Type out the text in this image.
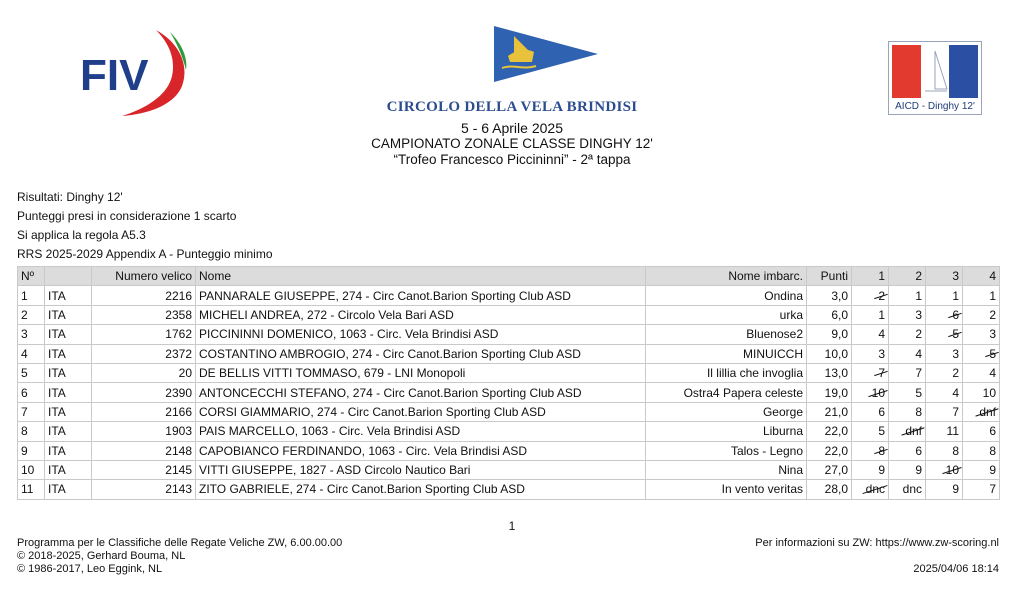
FIV
AICD - Dinghy 12'
CIRCOLO DELLA VELA BRINDISI
5 - 6 Aprile 2025
CAMPIONATO ZONALE CLASSE DINGHY 12'
“Trofeo Francesco Piccininni” - 2ª tappa
Risultati: Dinghy 12'
Punteggi presi in considerazione 1 scarto
Si applica la regola A5.3
RRS 2025-2029 Appendix A - Punteggio minimo
Nº		Numero velico	Nome	Nome imbarc.	Punti	1	2	3	4
1	ITA	2216	PANNARALE GIUSEPPE, 274 - Circ Canot.Barion Sporting Club ASD	Ondina	3,0	2	1	1	1
2	ITA	2358	MICHELI ANDREA, 272 - Circolo Vela Bari ASD	urka	6,0	1	3	6	2
3	ITA	1762	PICCININNI DOMENICO, 1063 - Circ. Vela Brindisi ASD	Bluenose2	9,0	4	2	5	3
4	ITA	2372	COSTANTINO AMBROGIO, 274 - Circ Canot.Barion Sporting Club ASD	MINUICCH	10,0	3	4	3	5
5	ITA	20	DE BELLIS VITTI TOMMASO, 679 - LNI Monopoli	Il lillia che invoglia	13,0	7	7	2	4
6	ITA	2390	ANTONCECCHI STEFANO, 274 - Circ Canot.Barion Sporting Club ASD	Ostra4 Papera celeste	19,0	10	5	4	10
7	ITA	2166	CORSI GIAMMARIO, 274 - Circ Canot.Barion Sporting Club ASD	George	21,0	6	8	7	dnf
8	ITA	1903	PAIS MARCELLO, 1063 - Circ. Vela Brindisi ASD	Liburna	22,0	5	dnf	11	6
9	ITA	2148	CAPOBIANCO FERDINANDO, 1063 - Circ. Vela Brindisi ASD	Talos - Legno	22,0	8	6	8	8
10	ITA	2145	VITTI GIUSEPPE, 1827 - ASD Circolo Nautico Bari	Nina	27,0	9	9	10	9
11	ITA	2143	ZITO GABRIELE, 274 - Circ Canot.Barion Sporting Club ASD	In vento veritas	28,0	dnc	dnc	9	7
1
Programma per le Classifiche delle Regate Veliche ZW, 6.00.00.00
© 2018-2025, Gerhard Bouma, NL
© 1986-2017, Leo Eggink, NL
Per informazioni su ZW: https://www.zw-scoring.nl

2025/04/06 18:14
